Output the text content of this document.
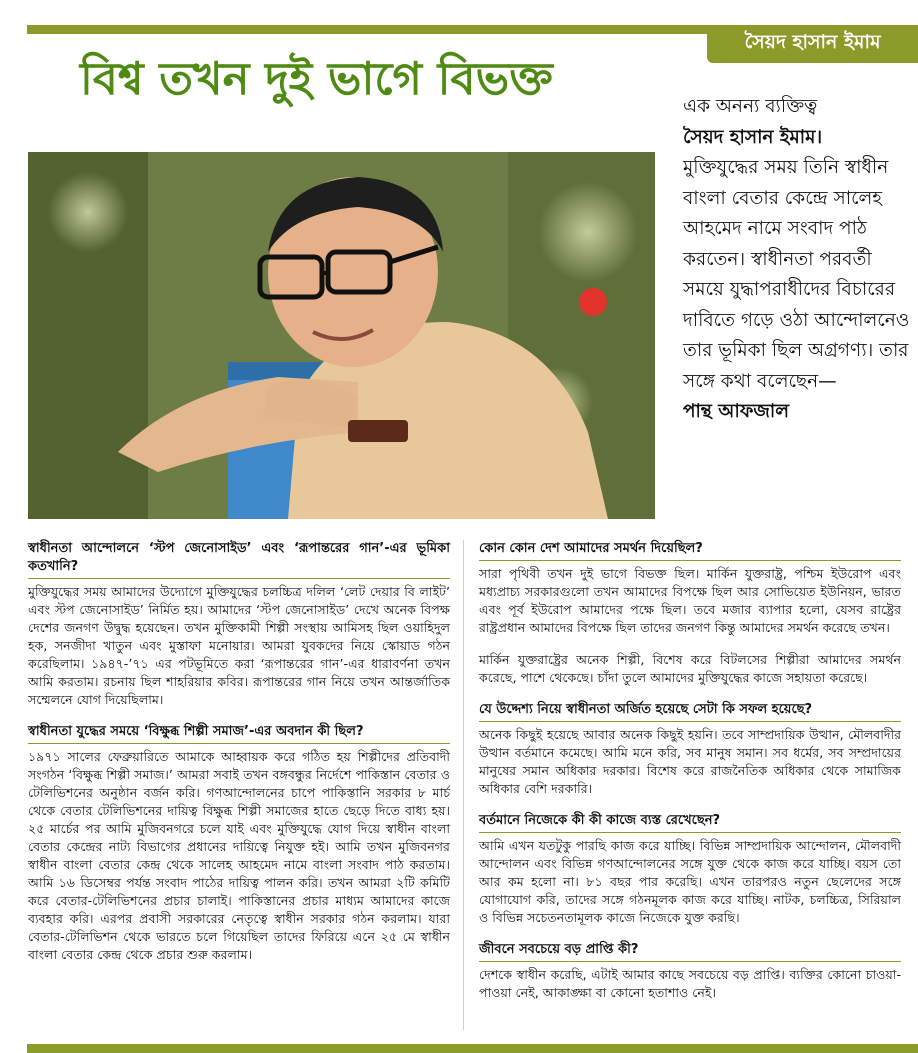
সৈয়দ হাসান ইমাম
বিশ্ব তখন দুই ভাগে বিভক্ত
এক অনন্য ব্যক্তিত্ব
সৈয়দ হাসান ইমাম।
মুক্তিযুদ্ধের সময় তিনি স্বাধীন বাংলা বেতার কেন্দ্রে সালেহ আহমেদ নামে সংবাদ পাঠ করতেন। স্বাধীনতা পরবর্তী সময়ে যুদ্ধাপরাধীদের বিচারের দাবিতে গড়ে ওঠা আন্দোলনেও তার ভূমিকা ছিল অগ্রগণ্য। তার সঙ্গে কথা বলেছেন—
পান্থ আফজাল
স্বাধীনতা আন্দোলনে ‘স্টপ জেনোসাইড’ এবং ‘রূপান্তরের গান’-এর ভূমিকা কতখানি?
মুক্তিযুদ্ধের সময় আমাদের উদ্যোগে মুক্তিযুদ্ধের চলচ্চিত্র দলিল ‘লেট দেয়ার বি লাইট’ এবং স্টপ জেনোসাইড’ নির্মিত হয়। আমাদের ‘স্টপ জেনোসাইড’ দেখে অনেক বিপক্ষ দেশের জনগণ উদ্বুদ্ধ হয়েছেন। তখন মুক্তিকামী শিল্পী সংস্থায় আমিসহ ছিল ওয়াহিদুল হক, সনজীদা খাতুন এবং মুস্তাফা মনোয়ার। আমরা যুবকদের নিয়ে স্কোয়াড গঠন করেছিলাম। ১৯৪৭-’৭১ এর পটভূমিতে করা ‘রূপান্তরের গান’-এর ধারাবর্ণনা তখন আমি করতাম। রচনায় ছিল শাহরিয়ার কবির। রূপান্তরের গান নিয়ে তখন আন্তর্জাতিক সম্মেলনে যোগ দিয়েছিলাম।
স্বাধীনতা যুদ্ধের সময়ে ‘বিক্ষুব্ধ শিল্পী সমাজ’-এর অবদান কী ছিল?
১৯৭১ সালের ফেব্রুয়ারিতে আমাকে আহ্বায়ক করে গঠিত হয় শিল্পীদের প্রতিবাদী সংগঠন ‘বিক্ষুব্ধ শিল্পী সমাজ।’ আমরা সবাই তখন বঙ্গবন্ধুর নির্দেশে পাকিস্তান বেতার ও টেলিভিশনের অনুষ্ঠান বর্জন করি। গণআন্দোলনের চাপে পাকিস্তানি সরকার ৮ মার্চ থেকে বেতার টেলিভিশনের দায়িত্ব বিক্ষুব্ধ শিল্পী সমাজের হাতে ছেড়ে দিতে বাধ্য হয়। ২৫ মার্চের পর আমি মুজিবনগরে চলে যাই এবং মুক্তিযুদ্ধে যোগ দিয়ে স্বাধীন বাংলা বেতার কেন্দ্রের নাট্য বিভাগের প্রধানের দায়িত্বে নিযুক্ত হই। আমি তখন মুজিবনগর স্বাধীন বাংলা বেতার কেন্দ্র থেকে সালেহ আহমেদ নামে বাংলা সংবাদ পাঠ করতাম। আমি ১৬ ডিসেম্বর পর্যন্ত সংবাদ পাঠের দায়িত্ব পালন করি। তখন আমরা ২টি কমিটি করে বেতার-টেলিভিশনের প্রচার চালাই। পাকিস্তানের প্রচার মাধ্যম আমাদের কাজে ব্যবহার করি। এরপর প্রবাসী সরকারের নেতৃত্বে স্বাধীন সরকার গঠন করলাম। যারা বেতার-টেলিভিশন থেকে ভারতে চলে গিয়েছিল তাদের ফিরিয়ে এনে ২৫ মে স্বাধীন বাংলা বেতার কেন্দ্র থেকে প্রচার শুরু করলাম।
কোন কোন দেশ আমাদের সমর্থন দিয়েছিল?
সারা পৃথিবী তখন দুই ভাগে বিভক্ত ছিল। মার্কিন যুক্তরাষ্ট্র, পশ্চিম ইউরোপ এবং মধ্যপ্রাচ্য সরকারগুলো তখন আমাদের বিপক্ষে ছিল আর সোভিয়েত ইউনিয়ন, ভারত এবং পূর্ব ইউরোপ আমাদের পক্ষে ছিল। তবে মজার ব্যাপার হলো, যেসব রাষ্ট্রের রাষ্ট্রপ্রধান আমাদের বিপক্ষে ছিল তাদের জনগণ কিন্তু আমাদের সমর্থন করেছে তখন।
মার্কিন যুক্তরাষ্ট্রের অনেক শিল্পী, বিশেষ করে বিটলসের শিল্পীরা আমাদের সমর্থন করেছে, পাশে থেকেছে। চাঁদা তুলে আমাদের মুক্তিযুদ্ধের কাজে সহায়তা করেছে।
যে উদ্দেশ্য নিয়ে স্বাধীনতা অর্জিত হয়েছে সেটা কি সফল হয়েছে?
অনেক কিছুই হয়েছে আবার অনেক কিছুই হয়নি। তবে সাম্প্রদায়িক উত্থান, মৌলবাদীর উত্থান বর্তমানে কমেছে। আমি মনে করি, সব মানুষ সমান। সব ধর্মের, সব সম্প্রদায়ের মানুষের সমান অধিকার দরকার। বিশেষ করে রাজনৈতিক অধিকার থেকে সামাজিক অধিকার বেশি দরকারি।
বর্তমানে নিজেকে কী কী কাজে ব্যস্ত রেখেছেন?
আমি এখন যতটুকু পারছি কাজ করে যাচ্ছি। বিভিন্ন সাম্প্রদায়িক আন্দোলন, মৌলবাদী আন্দোলন এবং বিভিন্ন গণআন্দোলনের সঙ্গে যুক্ত থেকে কাজ করে যাচ্ছি। বয়স তো আর কম হলো না। ৮১ বছর পার করেছি। এখন তারপরও নতুন ছেলেদের সঙ্গে যোগাযোগ করি, তাদের সঙ্গে গঠনমূলক কাজ করে যাচ্ছি। নাটক, চলচ্চিত্র, সিরিয়াল ও বিভিন্ন সচেতনতামূলক কাজে নিজেকে যুক্ত করছি।
জীবনে সবচেয়ে বড় প্রাপ্তি কী?
দেশকে স্বাধীন করেছি, এটাই আমার কাছে সবচেয়ে বড় প্রাপ্তি। ব্যক্তির কোনো চাওয়া-পাওয়া নেই, আকাঙ্ক্ষা বা কোনো হতাশাও নেই।
